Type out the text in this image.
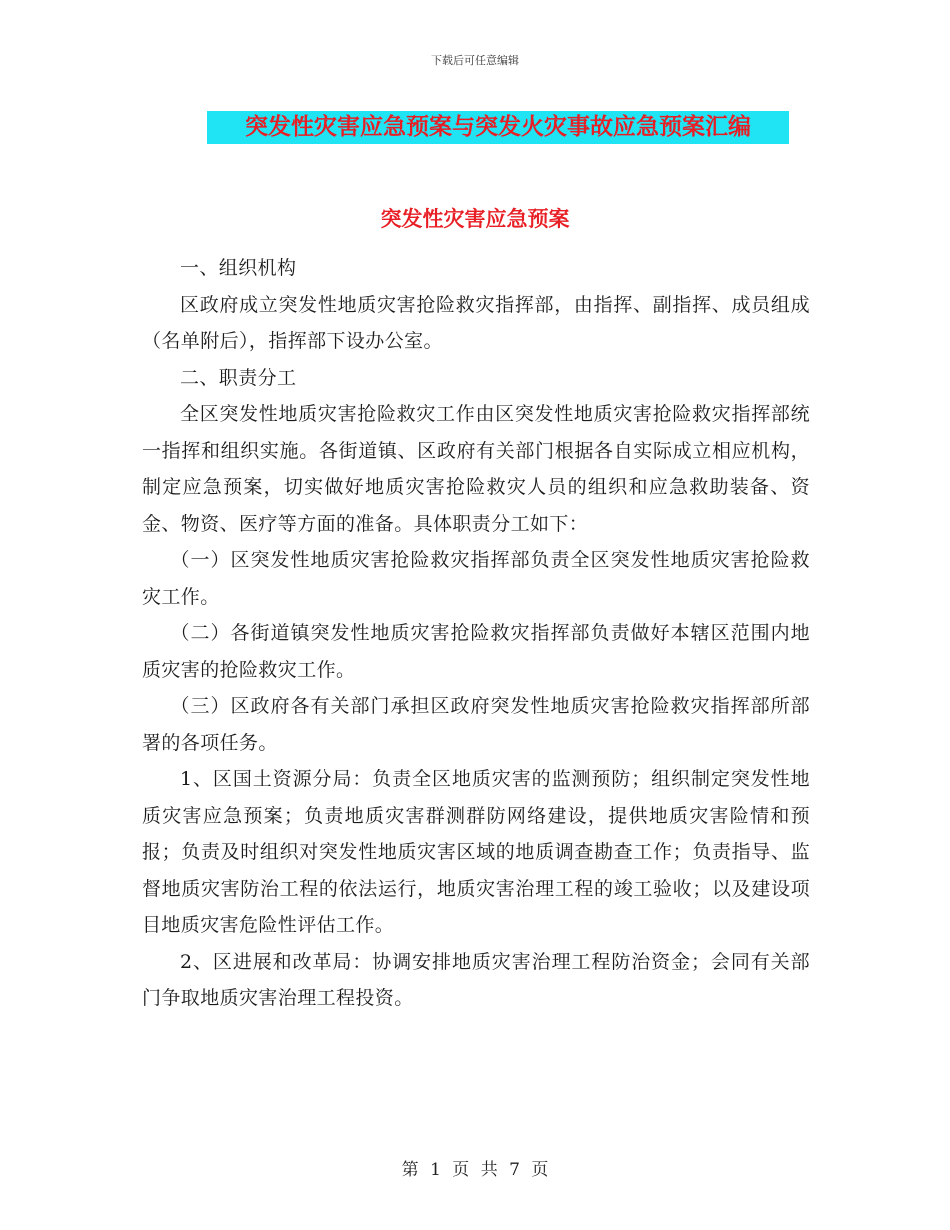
下载后可任意编辑
突发性灾害应急预案与突发火灾事故应急预案汇编
突发性灾害应急预案

一、组织机构

区政府成立突发性地质灾害抢险救灾指挥部，由指挥、副指挥、成员组成（名单附后），指挥部下设办公室。

二、职责分工

全区突发性地质灾害抢险救灾工作由区突发性地质灾害抢险救灾指挥部统一指挥和组织实施。各街道镇、区政府有关部门根据各自实际成立相应机构，制定应急预案，切实做好地质灾害抢险救灾人员的组织和应急救助装备、资金、物资、医疗等方面的准备。具体职责分工如下：

（一）区突发性地质灾害抢险救灾指挥部负责全区突发性地质灾害抢险救灾工作。

（二）各街道镇突发性地质灾害抢险救灾指挥部负责做好本辖区范围内地质灾害的抢险救灾工作。

（三）区政府各有关部门承担区政府突发性地质灾害抢险救灾指挥部所部署的各项任务。

1、区国土资源分局：负责全区地质灾害的监测预防；组织制定突发性地质灾害应急预案；负责地质灾害群测群防网络建设，提供地质灾害险情和预报；负责及时组织对突发性地质灾害区域的地质调查勘查工作；负责指导、监督地质灾害防治工程的依法运行，地质灾害治理工程的竣工验收；以及建设项目地质灾害危险性评估工作。

2、区进展和改革局：协调安排地质灾害治理工程防治资金；会同有关部门争取地质灾害治理工程投资。

第 1 页 共 7 页
